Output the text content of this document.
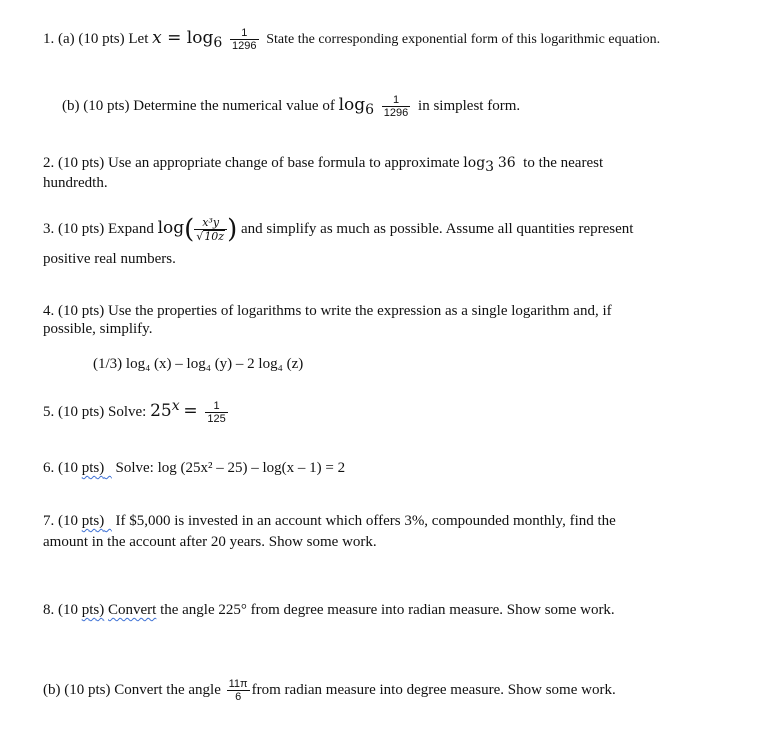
1. (a) (10 pts) Let $x = \log_6 \frac{1}{1296}$ State the corresponding exponential form of this logarithmic equation.
(b) (10 pts) Determine the numerical value of $\log_6 \frac{1}{1296}$ in simplest form.
2. (10 pts) Use an appropriate change of base formula to approximate $\log_3 36$ to the nearest
hundredth.
3. (10 pts) Expand $\log( \frac{\text{x³y}}{√10z}$ ) and simplify as much as possible. Assume all quantities represent
positive real numbers.
4. (10 pts) Use the properties of logarithms to write the expression as a single logarithm and, if
possible, simplify.
(1/3) log₄ (x) – log₄ (y) – 2 log₄ (z)
5. (10 pts) Solve: $25^x = \frac{1}{125}$
6. (10 pts)   Solve: log (25x² – 25) – log(x – 1) = 2
7. (10 pts)   If $5,000 is invested in an account which offers 3%, compounded monthly, find the
amount in the account after 20 years. Show some work.
8. (10 pts) Convert the angle 225° from degree measure into radian measure. Show some work.
(b) (10 pts) Convert the angle $\frac{11\pi}{6}$ from radian measure into degree measure. Show some work.
